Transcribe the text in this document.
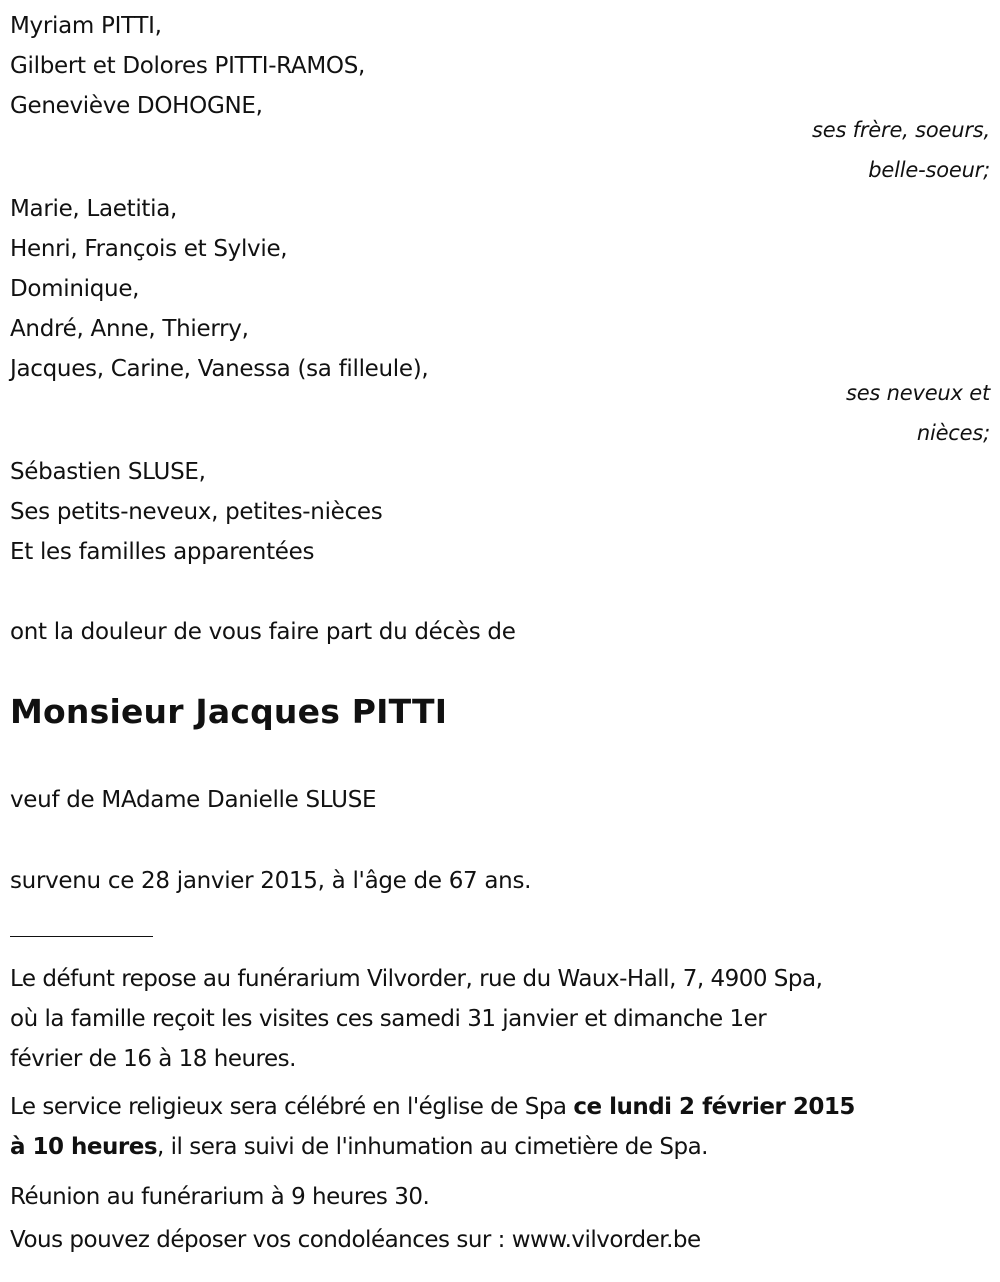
Myriam PITTI,
Gilbert et Dolores PITTI-RAMOS,
Geneviève DOHOGNE,
ses frère, soeurs,
belle-soeur;
Marie, Laetitia,
Henri, François et Sylvie,
Dominique,
André, Anne, Thierry,
Jacques, Carine, Vanessa (sa filleule),
ses neveux et
nièces;
Sébastien SLUSE,
Ses petits-neveux, petites-nièces
Et les familles apparentées
ont la douleur de vous faire part du décès de
Monsieur Jacques PITTI
veuf de MAdame Danielle SLUSE
survenu ce 28 janvier 2015, à l'âge de 67 ans.
Le défunt repose au funérarium Vilvorder, rue du Waux-Hall, 7, 4900 Spa,
où la famille reçoit les visites ces samedi 31 janvier et dimanche 1er
février de 16 à 18 heures.
Le service religieux sera célébré en l'église de Spa ce lundi 2 février 2015
à 10 heures, il sera suivi de l'inhumation au cimetière de Spa.
Réunion au funérarium à 9 heures 30.
Vous pouvez déposer vos condoléances sur : www.vilvorder.be
